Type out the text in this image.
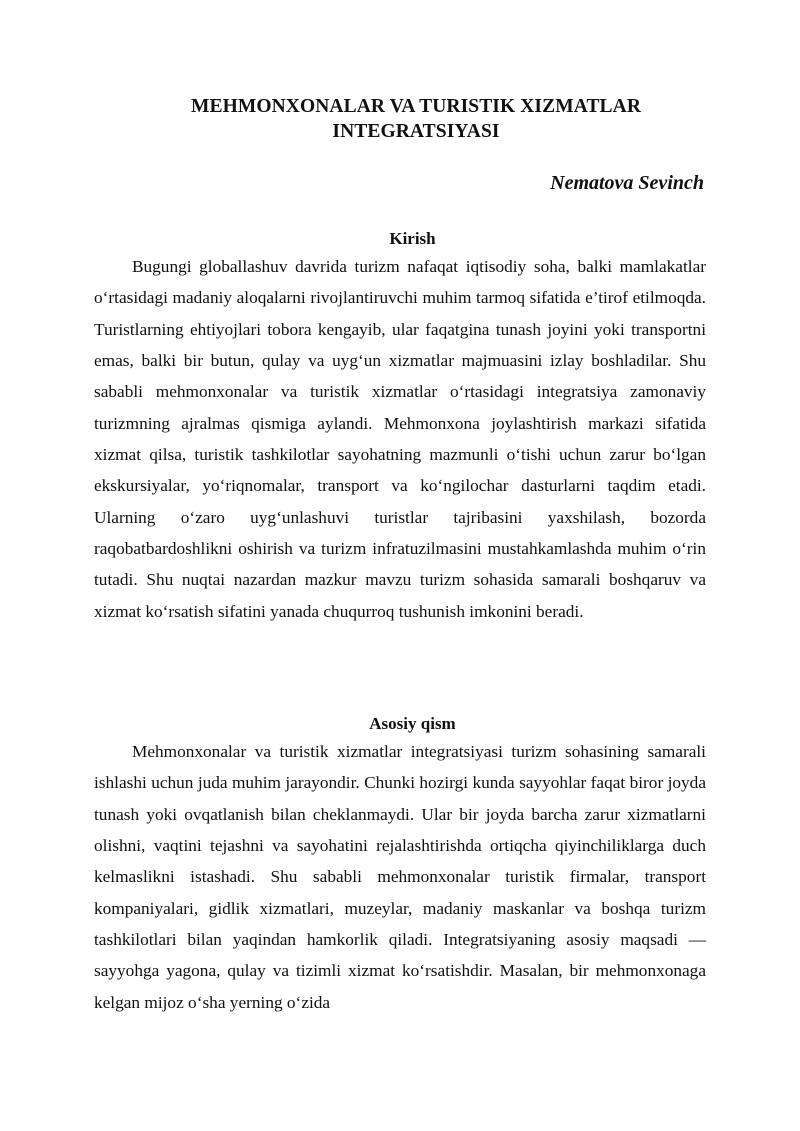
MEHMONXONALAR VA TURISTIK XIZMATLAR
INTEGRATSIYASI

Nematova Sevinch

Kirish

Bugungi globallashuv davrida turizm nafaqat iqtisodiy soha, balki mamlakatlar o‘rtasidagi madaniy aloqalarni rivojlantiruvchi muhim tarmoq sifatida e’tirof etilmoqda. Turistlarning ehtiyojlari tobora kengayib, ular faqatgina tunash joyini yoki transportni emas, balki bir butun, qulay va uyg‘un xizmatlar majmuasini izlay boshladilar. Shu sababli mehmonxonalar va turistik xizmatlar o‘rtasidagi integratsiya zamonaviy turizmning ajralmas qismiga aylandi. Mehmonxona joylashtirish markazi sifatida xizmat qilsa, turistik tashkilotlar sayohatning mazmunli o‘tishi uchun zarur bo‘lgan ekskursiyalar, yo‘riqnomalar, transport va ko‘ngilochar dasturlarni taqdim etadi. Ularning o‘zaro uyg‘unlashuvi turistlar tajribasini yaxshilash, bozorda raqobatbardoshlikni oshirish va turizm infratuzilmasini mustahkamlashda muhim o‘rin tutadi. Shu nuqtai nazardan mazkur mavzu turizm sohasida samarali boshqaruv va xizmat ko‘rsatish sifatini yanada chuqurroq tushunish imkonini beradi.

Asosiy qism

Mehmonxonalar va turistik xizmatlar integratsiyasi turizm sohasining samarali ishlashi uchun juda muhim jarayondir. Chunki hozirgi kunda sayyohlar faqat biror joyda tunash yoki ovqatlanish bilan cheklanmaydi. Ular bir joyda barcha zarur xizmatlarni olishni, vaqtini tejashni va sayohatini rejalashtirishda ortiqcha qiyinchiliklarga duch kelmaslikni istashadi. Shu sababli mehmonxonalar turistik firmalar, transport kompaniyalari, gidlik xizmatlari, muzeylar, madaniy maskanlar va boshqa turizm tashkilotlari bilan yaqindan hamkorlik qiladi. Integratsiyaning asosiy maqsadi — sayyohga yagona, qulay va tizimli xizmat ko‘rsatishdir. Masalan, bir mehmonxonaga kelgan mijoz o‘sha yerning o‘zida
